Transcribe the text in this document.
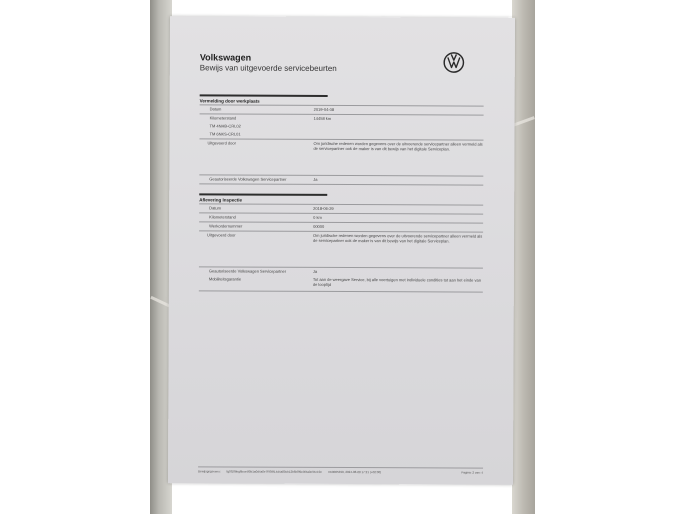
Volkswagen
Bewijs van uitgevoerde servicebeurten
Vermelding door werkplaats
Datum	2019-04-08
Kilometerstand	14458 km
TM 4NHB-CRL02
TM 6NKS-CRL01
Uitgevoerd door	Om juridische redenen worden gegevens over de uitvoerende servicepartner alleen vermeld als de servicepartner ook de maker is van dit bewijs van het digitale Serviceplan.
Geautoriseerde Volkswagen Servicepartner	Ja
Aflevering Inspectie
Datum	2018-06-29
Kilometerstand	0 km
Werkordernummer	00000
Uitgevoerd door	Om juridische redenen worden gegevens over de uitvoerende servicepartner alleen vermeld als de servicepartner ook de maker is van dit bewijs van het digitale Serviceplan.
Geautoriseerde Volkswagen Servicepartner	Ja
Mobiliteitsgarantie	Tot aan de weergave Service, bij alle voertuigen met individuele condities tot aan het einde van de looptijd
Bewijsgegevens: fg0f18bbg6bxe4f0b1a0d4a0e7f939f14d4a80cb12b6b8f9e0f4a0e94c19e VK0005390, 2024-08-08 17:21 (+02:00)	Pagina: 2 van: 4
